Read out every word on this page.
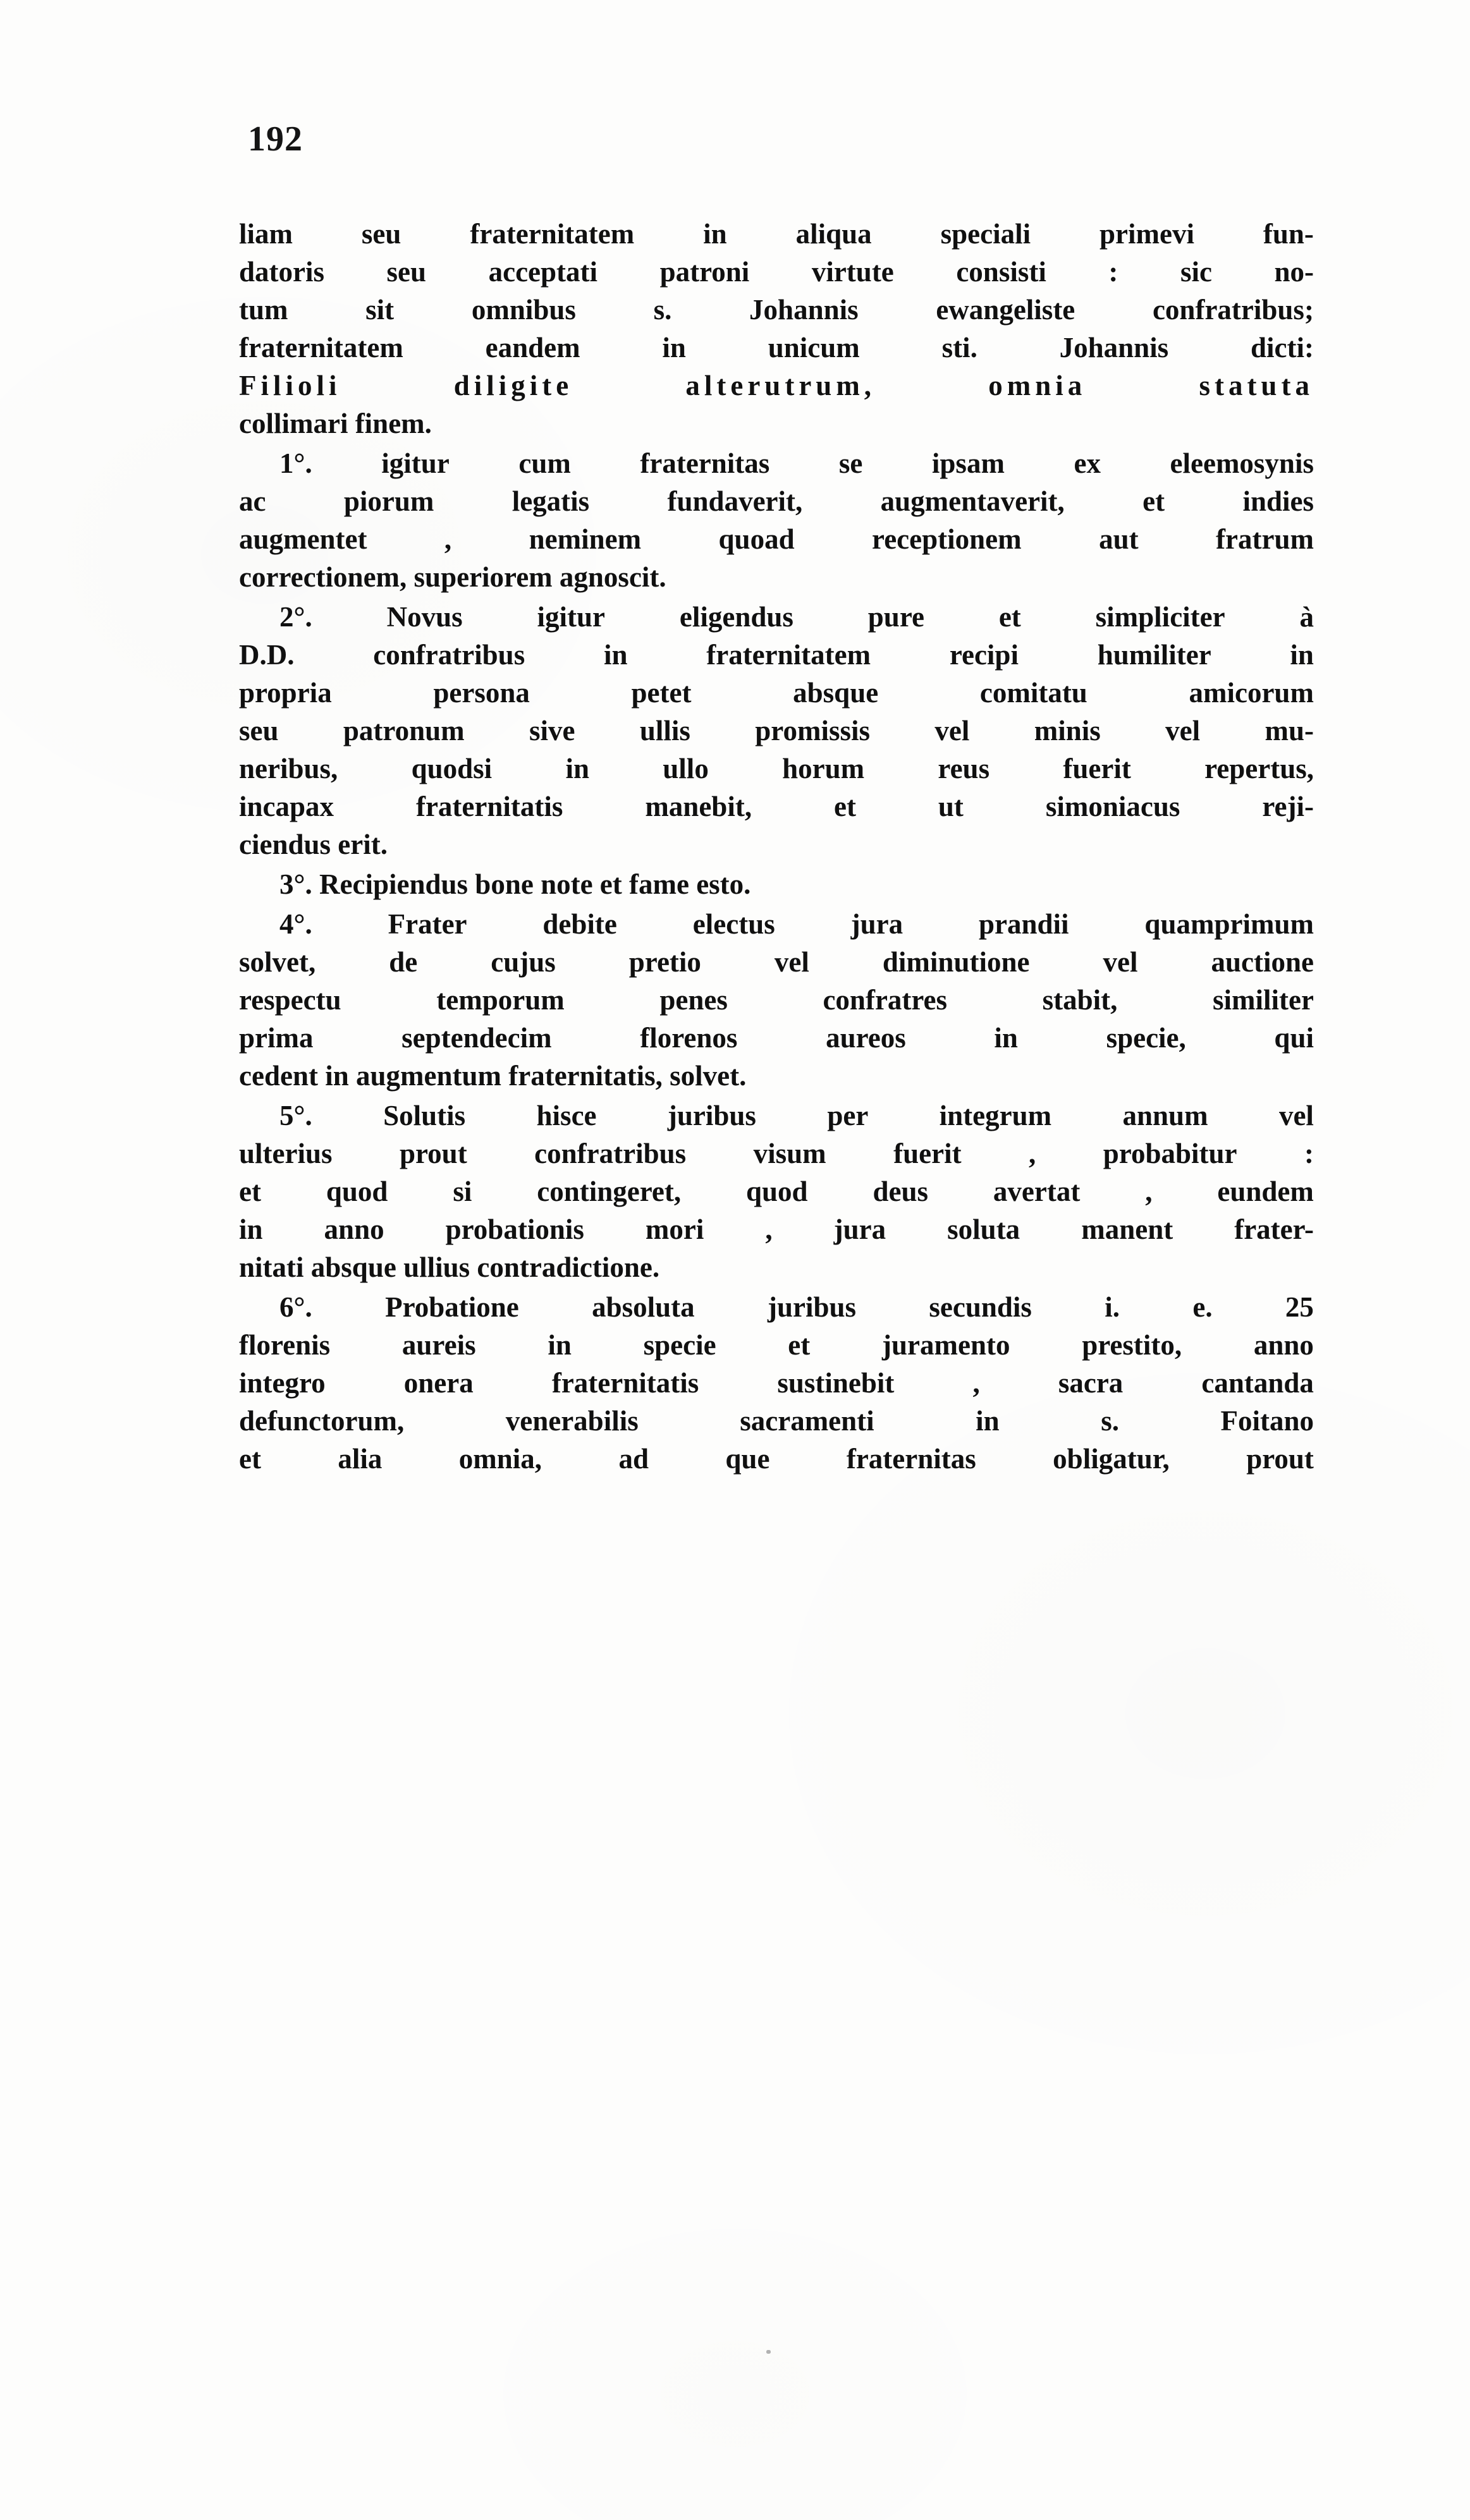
192
liam seu fraternitatem in aliqua speciali primevi fun-
datoris seu acceptati patroni virtute consisti : sic no-
tum	sit	omnibus	s.	Johannis	ewangeliste	confratribus;
fraternitatem	eandem	in	unicum	sti.	Johannis	dicti:
Filioli	diligite	alterutrum,	omnia	statuta
collimari finem.
1°. igitur cum fraternitas se ipsam ex eleemosynis
ac	piorum	legatis	fundaverit,	augmentaverit,	et	indies
augmentet	,	neminem	quoad	receptionem	aut	fratrum
correctionem, superiorem agnoscit.
2°.	Novus	igitur	eligendus	pure	et	simpliciter	à
D.D.	confratribus	in	fraternitatem	recipi	humiliter	in
propria	persona	petet	absque	comitatu	amicorum
seu patronum sive ullis promissis vel minis vel mu-
neribus,	quodsi	in	ullo	horum	reus	fuerit	repertus,
incapax	fraternitatis	manebit,	et	ut	simoniacus	reji-
ciendus erit.
3°. Recipiendus bone note et fame esto.
4°.	Frater	debite	electus	jura	prandii	quamprimum
solvet,	de	cujus	pretio	vel	diminutione	vel	auctione
respectu	temporum	penes	confratres	stabit,	similiter
prima	septendecim	florenos	aureos	in	specie,	qui
cedent in augmentum fraternitatis, solvet.
5°. Solutis hisce juribus per integrum annum vel
ulterius prout confratribus visum fuerit , probabitur :
et quod si contingeret, quod deus avertat , eundem
in anno probationis mori , jura soluta manent frater-
nitati absque ullius contradictione.
6°.	Probatione	absoluta	juribus	secundis	i.	e.	25
florenis	aureis	in	specie	et	juramento	prestito,	anno
integro	onera	fraternitatis	sustinebit	,	sacra	cantanda
defunctorum,	venerabilis	sacramenti	in	s.	Foitano
et	alia	omnia,	ad	que	fraternitas	obligatur,	prout
